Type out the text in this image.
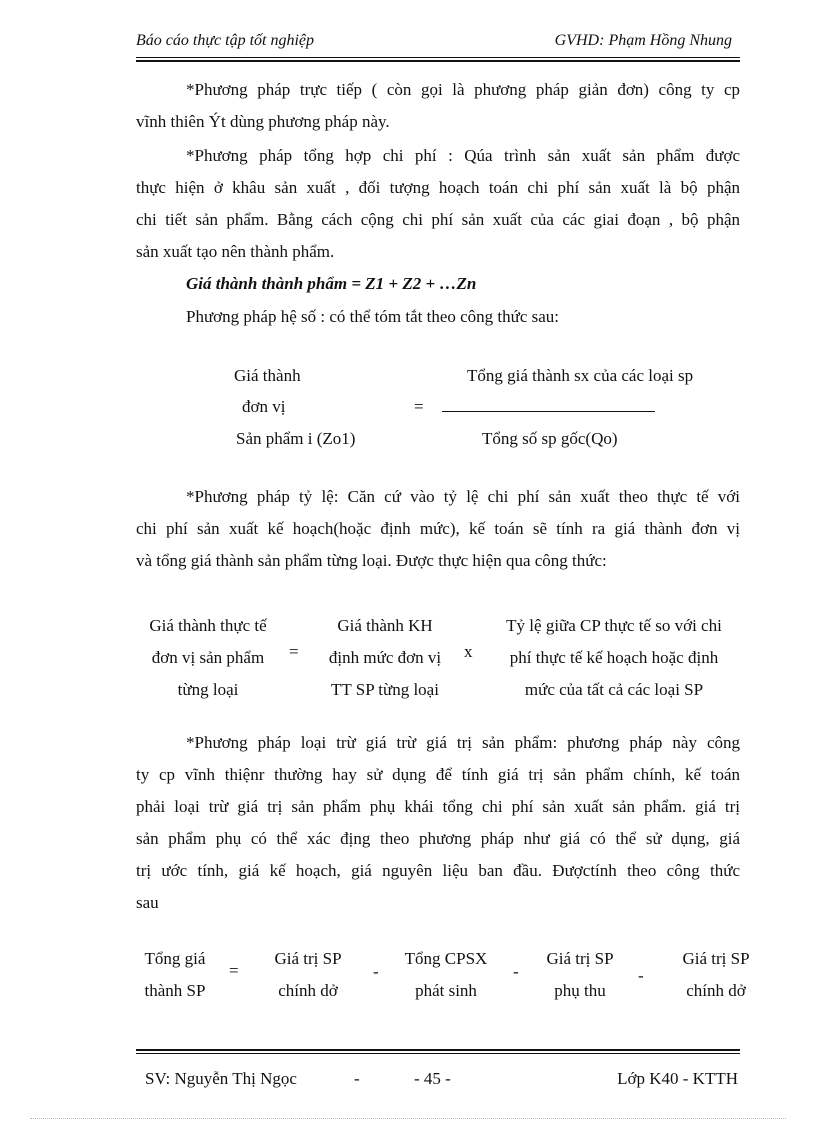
Báo cáo thực tập tốt nghiệp	GVHD: Phạm Hồng Nhung
*Phương pháp trực tiếp ( còn gọi là phương pháp giản đơn) công ty cp
vĩnh thiên Ýt dùng phương pháp này.
*Phương pháp tổng hợp chi phí : Qúa trình sản xuất sản phẩm được
thực hiện ở khâu sản xuất , đối tượng hoạch toán chi phí sản xuất là bộ phận
chi tiết sản phẩm. Bằng cách cộng chi phí sản xuất của các giai đoạn , bộ phận
sản xuất tạo nên thành phẩm.
Giá thành thành phẩm = Z1 + Z2 + …Zn
Phương pháp hệ số : có thể tóm tắt theo công thức sau:
Giá thành
đơn vị
Sản phẩm i (Zo1)
=
Tổng giá thành sx của các loại sp
Tổng số sp gốc(Qo)
*Phương pháp tỷ lệ: Căn cứ vào tỷ lệ chi phí sản xuất theo thực tế với
chi phí sản xuất kế hoạch(hoặc định mức), kế toán sẽ tính ra giá thành đơn vị
và tổng giá thành sản phẩm từng loại. Được thực hiện qua công thức:
Giá thành thực tế
đơn vị sản phẩm
từng loại
=
Giá thành KH
định mức đơn vị
TT SP từng loại
x
Tỷ lệ giữa CP thực tế so với chi
phí thực tế kế hoạch hoặc định
mức của tất cả các loại SP
*Phương pháp loại trừ giá trừ giá trị sản phẩm: phương pháp này công
ty cp vĩnh thiệnr thường hay sử dụng để tính giá trị sản phẩm chính, kế toán
phải loại trừ giá trị sản phẩm phụ khái tổng chi phí sản xuất sản phẩm. giá trị
sản phẩm phụ có thể xác địng theo phương pháp như giá có thể sử dụng, giá
trị ước tính, giá kế hoạch, giá nguyên liệu ban đầu. Đượctính theo công thức
sau
Tổng giá
thành SP
=
Giá trị SP
chính dở
-
Tổng CPSX
phát sinh
-
Giá trị SP
phụ thu
-
Giá trị SP
chính dở
SV: Nguyễn Thị Ngọc	-	- 45 -	Lớp K40 - KTTH
